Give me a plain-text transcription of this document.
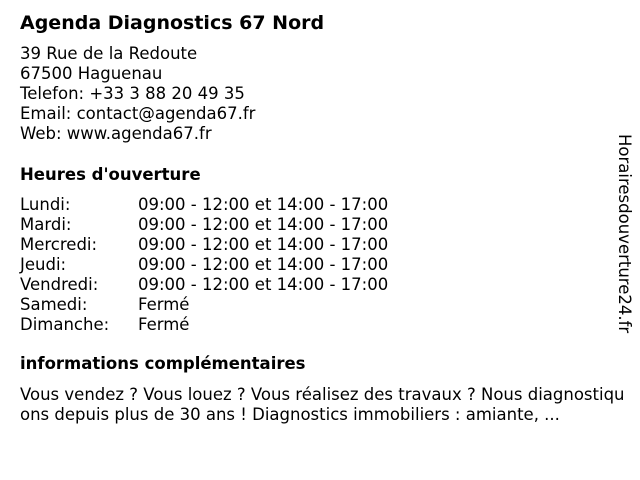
Agenda Diagnostics 67 Nord
39 Rue de la Redoute
67500 Haguenau
Telefon: +33 3 88 20 49 35
Email: contact@agenda67.fr
Web: www.agenda67.fr
Heures d'ouverture
Lundi:	09:00 - 12:00 et 14:00 - 17:00
Mardi:	09:00 - 12:00 et 14:00 - 17:00
Mercredi: 09:00 - 12:00 et 14:00 - 17:00
Jeudi:	09:00 - 12:00 et 14:00 - 17:00
Vendredi: 09:00 - 12:00 et 14:00 - 17:00
Samedi:	Fermé
Dimanche: Fermé
informations complémentaires
Vous vendez ? Vous louez ? Vous réalisez des travaux ? Nous diagnostiquons depuis plus de 30 ans ! Diagnostics immobiliers : amiante, ...
Horairesdouverture24.fr
